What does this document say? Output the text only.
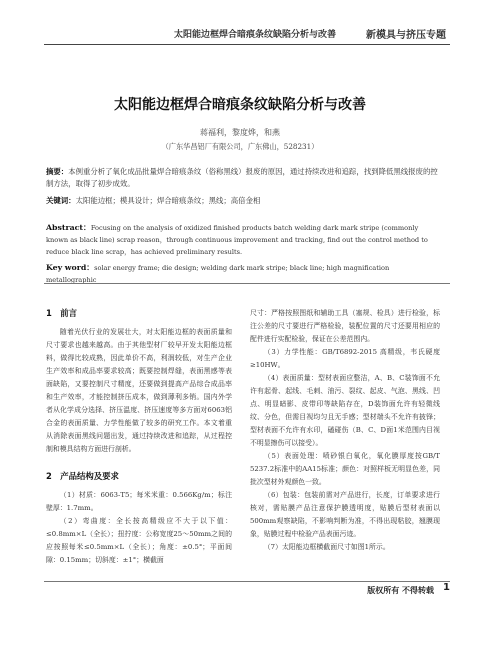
太阳能边框焊合暗痕条纹缺陷分析与改善	新模具与挤压专题
太阳能边框焊合暗痕条纹缺陷分析与改善
蒋福利，黎度烨，和燕
（广东华昌铝厂有限公司，广东佛山，528231）
摘要：本例重分析了氧化成品批量焊合暗痕条纹（俗称黑线）报废的原因，通过持续改进和追踪，找到降低黑线报废的控制方法，取得了初步成效。
关键词：太阳能边框；模具设计；焊合暗痕条纹；黑线；高倍金相
Abstract：Focusing on the analysis of oxidized finished products batch welding dark mark stripe (commonly known as black line) scrap reason，through continuous improvement and tracking, find out the control method to reduce black line scrap，has achieved preliminary results.
Key word：solar energy frame; die design; welding dark mark stripe; black line; high magnification metallographic
1　前言

随着光伏行业的发展壮大，对太阳能边框的表面质量和尺寸要求也越来越高。由于其他型材厂较早开发太阳能边框料，做得比较成熟，因此单价不高，利润较低，对生产企业生产效率和成品率要求较高；既要控制焊缝，表面黑感等表面缺陷，又要控制尺寸精度，还要做到提高产品综合成品率和生产效率，才能控制挤压成本，做到薄利多销。国内外学者从化学成分选择、挤压温度、挤压速度等多方面对6063铝合金的表面质量、力学性能做了较多的研究工作。本文着重从消除表面黑线问题出发，通过持续改进和追踪，从过程控制和模具结构方面进行剖析。

2　产品结构及要求

（1）材质：6063-T5；每米米重：0.566Kg/m；标注壁厚：1.7mm。

（2）弯曲度：全长按高精级应不大于以下值：≤0.8mm×L（全长）；扭拧度：公称宽度25～50mm之间的应按照每米≤0.5mm×L（全长）；角度：±0.5°；平面间隙：0.15mm；切斜度：±1°；横截面

尺寸：严格按照图纸和辅助工具（塞规、检具）进行检验，标注公差的尺寸要进行严格检验，装配位置的尺寸还要用相应的配件进行实配检验，保证在公差范围内。

（3）力学性能：GB/T6892-2015 高精级，韦氏硬度≥10HW。

（4）表面质量：型材表面应整洁，A、B、C装饰面不允许有起骨、起线、毛刺、油污、裂纹、起皮、气泡、黑线、凹点、明显暗影、皮带印等缺陷存在，D装饰面允许有轻微线纹、分色，但需目视均匀且无手感；型材端头不允许有披锋；型材表面不允许有水印，磕碰伤（B、C、D面1米范围内目视不明显擦伤可以接受）。

（5）表面处理：喷砂银白氧化，氧化膜厚度按GB/T 5237.2标准中的AA15标准；颜色：对照样板无明显色差，同批次型材外观颜色一致。

（6）包装：包装前需对产品进行，长度，订单要求进行核对，需贴膜产品注意保护膜透明度，贴膜后型材表面以500mm观察缺陷，不影响判断为准，不得出现粘胶，翘膜现象，贴膜过程中检验产品表面污迹。

（7）太阳能边框横截面尺寸如图1所示。

版权所有 不得转载 1
